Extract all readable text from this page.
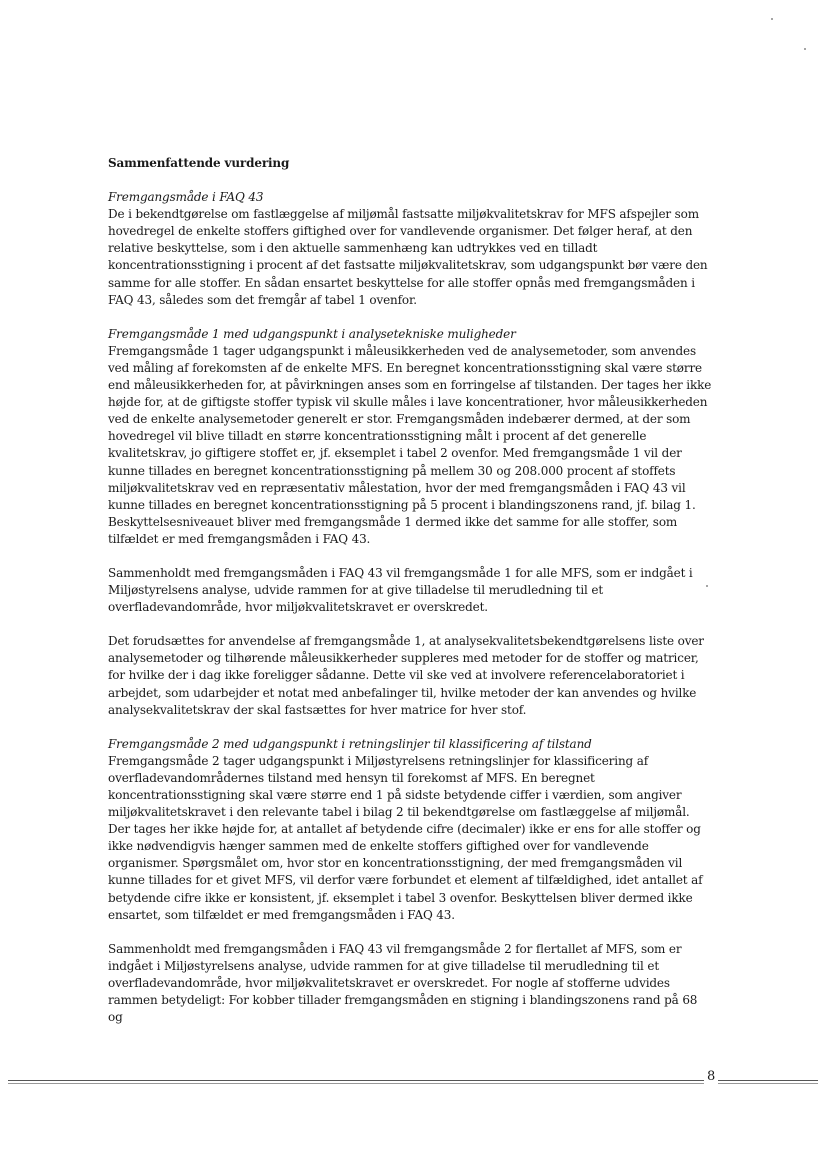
Sammenfattende vurdering
Fremgangsmåde i FAQ 43
De i bekendtgørelse om fastlæggelse af miljømål fastsatte miljøkvalitetskrav for MFS afspejler som hovedregel de enkelte stoffers giftighed over for vandlevende organismer. Det følger heraf, at den relative beskyttelse, som i den aktuelle sammenhæng kan udtrykkes ved en tilladt koncentrationsstigning i procent af det fastsatte miljøkvalitetskrav, som udgangspunkt bør være den samme for alle stoffer. En sådan ensartet beskyttelse for alle stoffer opnås med fremgangsmåden i FAQ 43, således som det fremgår af tabel 1 ovenfor.
Fremgangsmåde 1 med udgangspunkt i analysetekniske muligheder

Fremgangsmåde 1 tager udgangspunkt i måleusikkerheden ved de analysemetoder, som anvendes ved måling af forekomsten af de enkelte MFS. En beregnet koncentrationsstigning skal være større end måleusikkerheden for, at påvirkningen anses som en forringelse af tilstanden. Der tages her ikke højde for, at de giftigste stoffer typisk vil skulle måles i lave koncentrationer, hvor måleusikkerheden ved de enkelte analysemetoder generelt er stor. Fremgangsmåden indebærer dermed, at der som hovedregel vil blive tilladt en større koncentrationsstigning målt i procent af det generelle kvalitetskrav, jo giftigere stoffet er, jf. eksemplet i tabel 2 ovenfor. Med fremgangsmåde 1 vil der kunne tillades en beregnet koncentrationsstigning på mellem 30 og 208.000 procent af stoffets miljøkvalitetskrav ved en repræsentativ målestation, hvor der med fremgangsmåden i FAQ 43 vil kunne tillades en beregnet koncentrationsstigning på 5 procent i blandingszonens rand, jf. bilag 1. Beskyttelsesniveauet bliver med fremgangsmåde 1 dermed ikke det samme for alle stoffer, som tilfældet er med fremgangsmåden i FAQ 43.

Sammenholdt med fremgangsmåden i FAQ 43 vil fremgangsmåde 1 for alle MFS, som er indgået i Miljøstyrelsens analyse, udvide rammen for at give tilladelse til merudledning til et overfladevandområde, hvor miljøkvalitetskravet er overskredet.

Det forudsættes for anvendelse af fremgangsmåde 1, at analysekvalitetsbekendtgørelsens liste over analysemetoder og tilhørende måleusikkerheder suppleres med metoder for de stoffer og matricer, for hvilke der i dag ikke foreligger sådanne. Dette vil ske ved at involvere referencelaboratoriet i arbejdet, som udarbejder et notat med anbefalinger til, hvilke metoder der kan anvendes og hvilke analysekvalitetskrav der skal fastsættes for hver matrice for hver stof.

Fremgangsmåde 2 med udgangspunkt i retningslinjer til klassificering af tilstand

Fremgangsmåde 2 tager udgangspunkt i Miljøstyrelsens retningslinjer for klassificering af overfladevandområdernes tilstand med hensyn til forekomst af MFS. En beregnet koncentrationsstigning skal være større end 1 på sidste betydende ciffer i værdien, som angiver miljøkvalitetskravet i den relevante tabel i bilag 2 til bekendtgørelse om fastlæggelse af miljømål. Der tages her ikke højde for, at antallet af betydende cifre (decimaler) ikke er ens for alle stoffer og ikke nødvendigvis hænger sammen med de enkelte stoffers giftighed over for vandlevende organismer. Spørgsmålet om, hvor stor en koncentrationsstigning, der med fremgangsmåden vil kunne tillades for et givet MFS, vil derfor være forbundet et element af tilfældighed, idet antallet af betydende cifre ikke er konsistent, jf. eksemplet i tabel 3 ovenfor. Beskyttelsen bliver dermed ikke ensartet, som tilfældet er med fremgangsmåden i FAQ 43.

Sammenholdt med fremgangsmåden i FAQ 43 vil fremgangsmåde 2 for flertallet af MFS, som er indgået i Miljøstyrelsens analyse, udvide rammen for at give tilladelse til merudledning til et overfladevandområde, hvor miljøkvalitetskravet er overskredet. For nogle af stofferne udvides rammen betydeligt: For kobber tillader fremgangsmåden en stigning i blandingszonens rand på 68 og

8
